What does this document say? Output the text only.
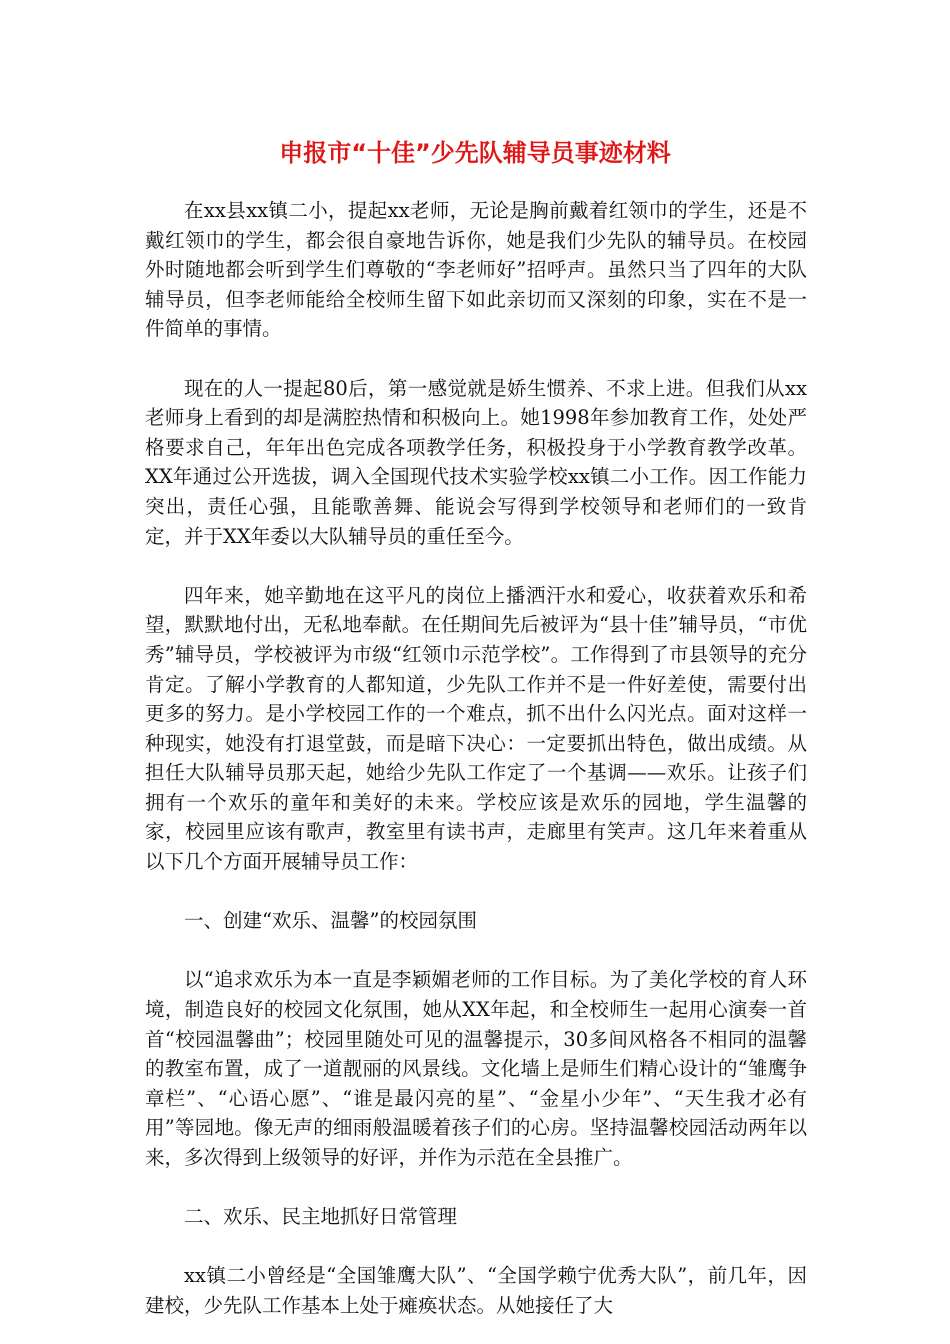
申报市“十佳”少先队辅导员事迹材料

在xx县xx镇二小，提起xx老师，无论是胸前戴着红领巾的学生，还是不戴红领巾的学生，都会很自豪地告诉你，她是我们少先队的辅导员。在校园外时随地都会听到学生们尊敬的“李老师好”招呼声。虽然只当了四年的大队辅导员，但李老师能给全校师生留下如此亲切而又深刻的印象，实在不是一件简单的事情。

现在的人一提起80后，第一感觉就是娇生惯养、不求上进。但我们从xx老师身上看到的却是满腔热情和积极向上。她1998年参加教育工作，处处严格要求自己，年年出色完成各项教学任务，积极投身于小学教育教学改革。XX年通过公开选拔，调入全国现代技术实验学校xx镇二小工作。因工作能力突出，责任心强，且能歌善舞、能说会写得到学校领导和老师们的一致肯定，并于XX年委以大队辅导员的重任至今。

四年来，她辛勤地在这平凡的岗位上播洒汗水和爱心，收获着欢乐和希望，默默地付出，无私地奉献。在任期间先后被评为“县十佳”辅导员，“市优秀”辅导员，学校被评为市级“红领巾示范学校”。工作得到了市县领导的充分肯定。了解小学教育的人都知道，少先队工作并不是一件好差使，需要付出更多的努力。是小学校园工作的一个难点，抓不出什么闪光点。面对这样一种现实，她没有打退堂鼓，而是暗下决心：一定要抓出特色，做出成绩。从担任大队辅导员那天起，她给少先队工作定了一个基调——欢乐。让孩子们拥有一个欢乐的童年和美好的未来。学校应该是欢乐的园地，学生温馨的家，校园里应该有歌声，教室里有读书声，走廊里有笑声。这几年来着重从以下几个方面开展辅导员工作：

一、创建“欢乐、温馨”的校园氛围

以“追求欢乐为本一直是李颖媚老师的工作目标。为了美化学校的育人环境，制造良好的校园文化氛围，她从XX年起，和全校师生一起用心演奏一首首“校园温馨曲”；校园里随处可见的温馨提示，30多间风格各不相同的温馨的教室布置，成了一道靓丽的风景线。文化墙上是师生们精心设计的“雏鹰争章栏”、“心语心愿”、“谁是最闪亮的星”、“金星小少年”、“天生我才必有用”等园地。像无声的细雨般温暖着孩子们的心房。坚持温馨校园活动两年以来，多次得到上级领导的好评，并作为示范在全县推广。

二、欢乐、民主地抓好日常管理

xx镇二小曾经是“全国雏鹰大队”、“全国学赖宁优秀大队”，前几年，因建校，少先队工作基本上处于瘫痪状态。从她接任了大
